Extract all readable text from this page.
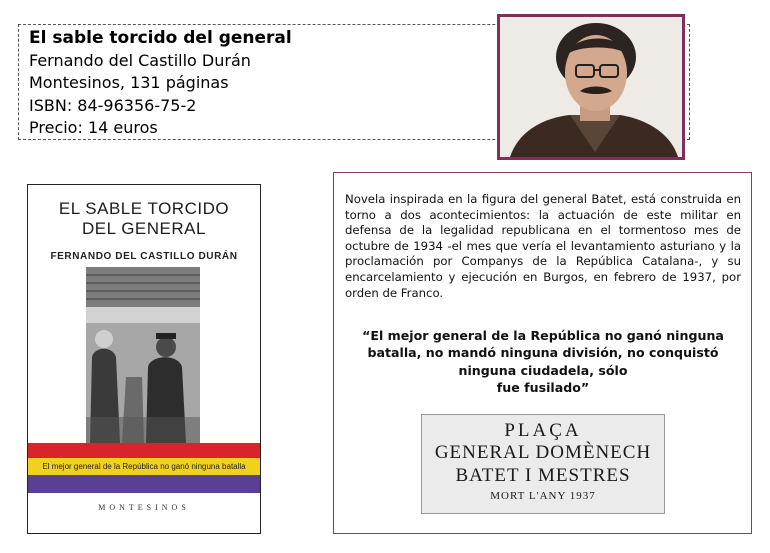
El sable torcido del general
Fernando del Castillo Durán
Montesinos, 131 páginas
ISBN: 84-96356-75-2
Precio: 14 euros
EL SABLE TORCIDO
DEL GENERAL
FERNANDO DEL CASTILLO DURÁN
El mejor general de la República no ganó ninguna batalla
MONTESINOS
Novela inspirada en la figura del general Batet, está construida en torno a dos acontecimientos: la actuación de este militar en defensa de la legalidad republicana en el tormentoso mes de octubre de 1934 -el mes que vería el levantamiento asturiano y la proclamación por Companys de la República Catalana-, y su encarcelamiento y ejecución en Burgos, en febrero de 1937, por orden de Franco.
“El mejor general de la República no ganó ninguna
batalla, no mandó ninguna división, no conquistó
ninguna ciudadela, sólo
fue fusilado”
PLAÇA
GENERAL DOMÈNECH
BATET I MESTRES
MORT L'ANY 1937
